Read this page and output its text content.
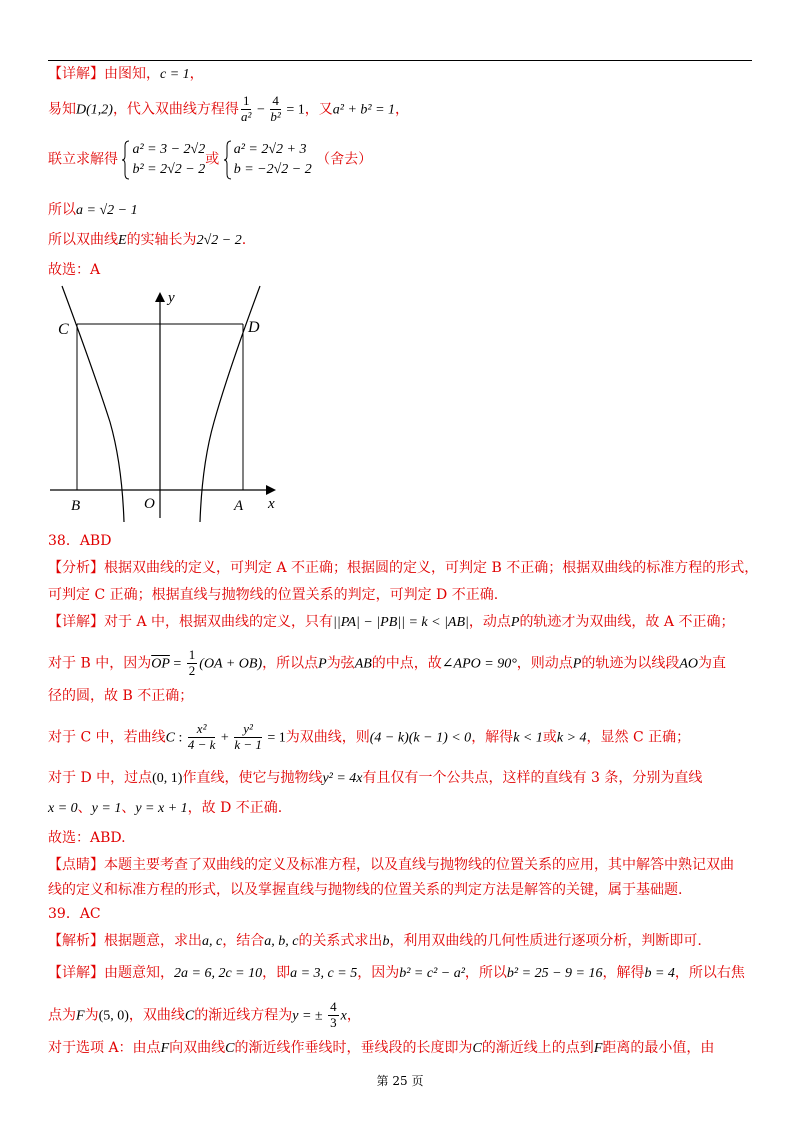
【详解】由图知，c = 1，
易知D(1,2)，代入双曲线方程得 $\frac{1}{\text{a²}} - \frac{4}{\text{b²}} = 1$，又a² + b² = 1，
联立求解得
a² = 3 − 2√2
b² = 2√2 − 2
或
a² = 2√2 + 3
b = −2√2 − 2
（舍去）
所以a = √2 − 1
所以双曲线E的实轴长为2√2 − 2.
故选：A
y
x
C	D
B	O	A
38．ABD
【分析】根据双曲线的定义，可判定 A 不正确；根据圆的定义，可判定 B 不正确；根据双曲线的标准方程的形式，
可判定 C 正确；根据直线与抛物线的位置关系的判定，可判定 D 不正确.
【详解】对于 A 中，根据双曲线的定义，只有||PA| − |PB|| = k < |AB|，动点P的轨迹才为双曲线，故 A 不正确；
对于 B 中，因为$\overline{OP} = \frac{1}{2} (OA + OB)$，所以点P为弦AB的中点，故∠APO = 90°，则动点P的轨迹为以线段AO为直
径的圆，故 B 不正确；
对于 C 中，若曲线C : $\frac{\text{x²}}{4 - k} + \frac{\text{y²}}{k - 1} = 1$为双曲线，则(4 − k)(k − 1) < 0，解得k < 1或k > 4，显然 C 正确；
对于 D 中，过点(0, 1)作直线，使它与抛物线y² = 4x有且仅有一个公共点，这样的直线有 3 条，分别为直线
x = 0、y = 1、y = x + 1，故 D 不正确.
故选：ABD.
【点睛】本题主要考查了双曲线的定义及标准方程，以及直线与抛物线的位置关系的应用，其中解答中熟记双曲
线的定义和标准方程的形式，以及掌握直线与抛物线的位置关系的判定方法是解答的关键，属于基础题.
39．AC
【解析】根据题意，求出a, c，结合a, b, c的关系式求出b，利用双曲线的几何性质进行逐项分析，判断即可.
【详解】由题意知，2a = 6, 2c = 10，即a = 3, c = 5，因为b² = c² − a²，所以b² = 25 − 9 = 16，解得b = 4，所以右焦
点为F为(5, 0)，双曲线C的渐近线方程为y = ± $\frac{4}{3}$ x，
对于选项 A：由点F向双曲线C的渐近线作垂线时，垂线段的长度即为C的渐近线上的点到F距离的最小值，由
第 25 页
